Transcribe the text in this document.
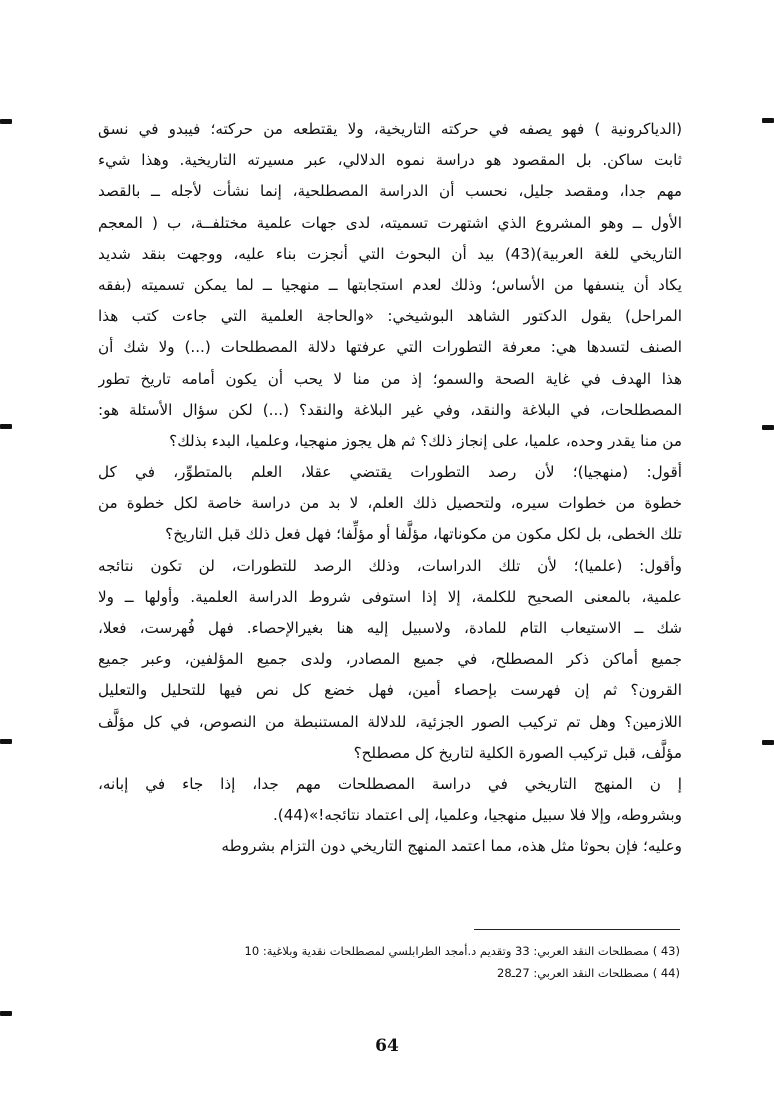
(الدياكرونية ) فهو يصفه في حركته التاريخية، ولا يقتطعه من حركته؛ فيبدو في نسق
ثابت ساكن. بل المقصود هو دراسة نموه الدلالي، عبر مسيرته التاريخية. وهذا شيء
مهم جدا، ومقصد جليل، نحسب أن الدراسة المصطلحية، إنما نشأت لأجله ــ بالقصد
الأول ــ وهو المشروع الذي اشتهرت تسميته، لدى جهات علمية مختلفــة، ب ( المعجم
التاريخي للغة العربية)(43) بيد أن البحوث التي أنجزت بناء عليه، ووجهت بنقد شديد
يكاد أن ينسفها من الأساس؛ وذلك لعدم استجابتها ــ منهجيا ــ لما يمكن تسميته (بفقه
المراحل) يقول الدكتور الشاهد البوشيخي: «والحاجة العلمية التي جاءت كتب هذا
الصنف لتسدها هي: معرفة التطورات التي عرفتها دلالة المصطلحات (...) ولا شك أن
هذا الهدف في غاية الصحة والسمو؛ إذ من منا لا يحب أن يكون أمامه تاريخ تطور
المصطلحات، في البلاغة والنقد، وفي غير البلاغة والنقد؟ (...) لكن سؤال الأسئلة هو:
من منا يقدر وحده، علميا، على إنجاز ذلك؟ ثم هل يجوز منهجيا، وعلميا، البدء بذلك؟
أقول: (منهجيا)؛ لأن رصد التطورات يقتضي عقلا، العلم بالمتطوِّر، في كل
خطوة من خطوات سيره، ولتحصيل ذلك العلم، لا بد من دراسة خاصة لكل خطوة من
تلك الخطى، بل لكل مكون من مكوناتها، مؤلَّفا أو مؤلِّفا؛ فهل فعل ذلك قبل التاريخ؟
وأقول: (علميا)؛ لأن تلك الدراسات، وذلك الرصد للتطورات، لن تكون نتائجه
علمية، بالمعنى الصحيح للكلمة، إلا إذا استوفى شروط الدراسة العلمية. وأولها ــ ولا
شك ــ الاستيعاب التام للمادة، ولاسبيل إليه هنا بغيرالإحصاء. فهل فُهرست، فعلا،
جميع أماكن ذكر المصطلح، في جميع المصادر، ولدى جميع المؤلفين، وعبر جميع
القرون؟ ثم إن فهرست بإحصاء أمين، فهل خضع كل نص فيها للتحليل والتعليل
اللازمين؟ وهل تم تركيب الصور الجزئية، للدلالة المستنبطة من النصوص، في كل مؤلَّف
مؤلَّف، قبل تركيب الصورة الكلية لتاريخ كل مصطلح؟
إ ن المنهج التاريخي في دراسة المصطلحات مهم جدا، إذا جاء في إبانه،
وبشروطه، وإلا فلا سبيل منهجيا، وعلميا، إلى اعتماد نتائجه!»(44).
وعليه؛ فإن بحوثا مثل هذه، مما اعتمد المنهج التاريخي دون التزام بشروطه
(43 ) مصطلحات النقد العربي: 33 وتقديم د.أمجد الطرابلسي لمصطلحات نقدية وبلاغية: 10
(44 ) مصطلحات النقد العربي: 27ـ28
64
